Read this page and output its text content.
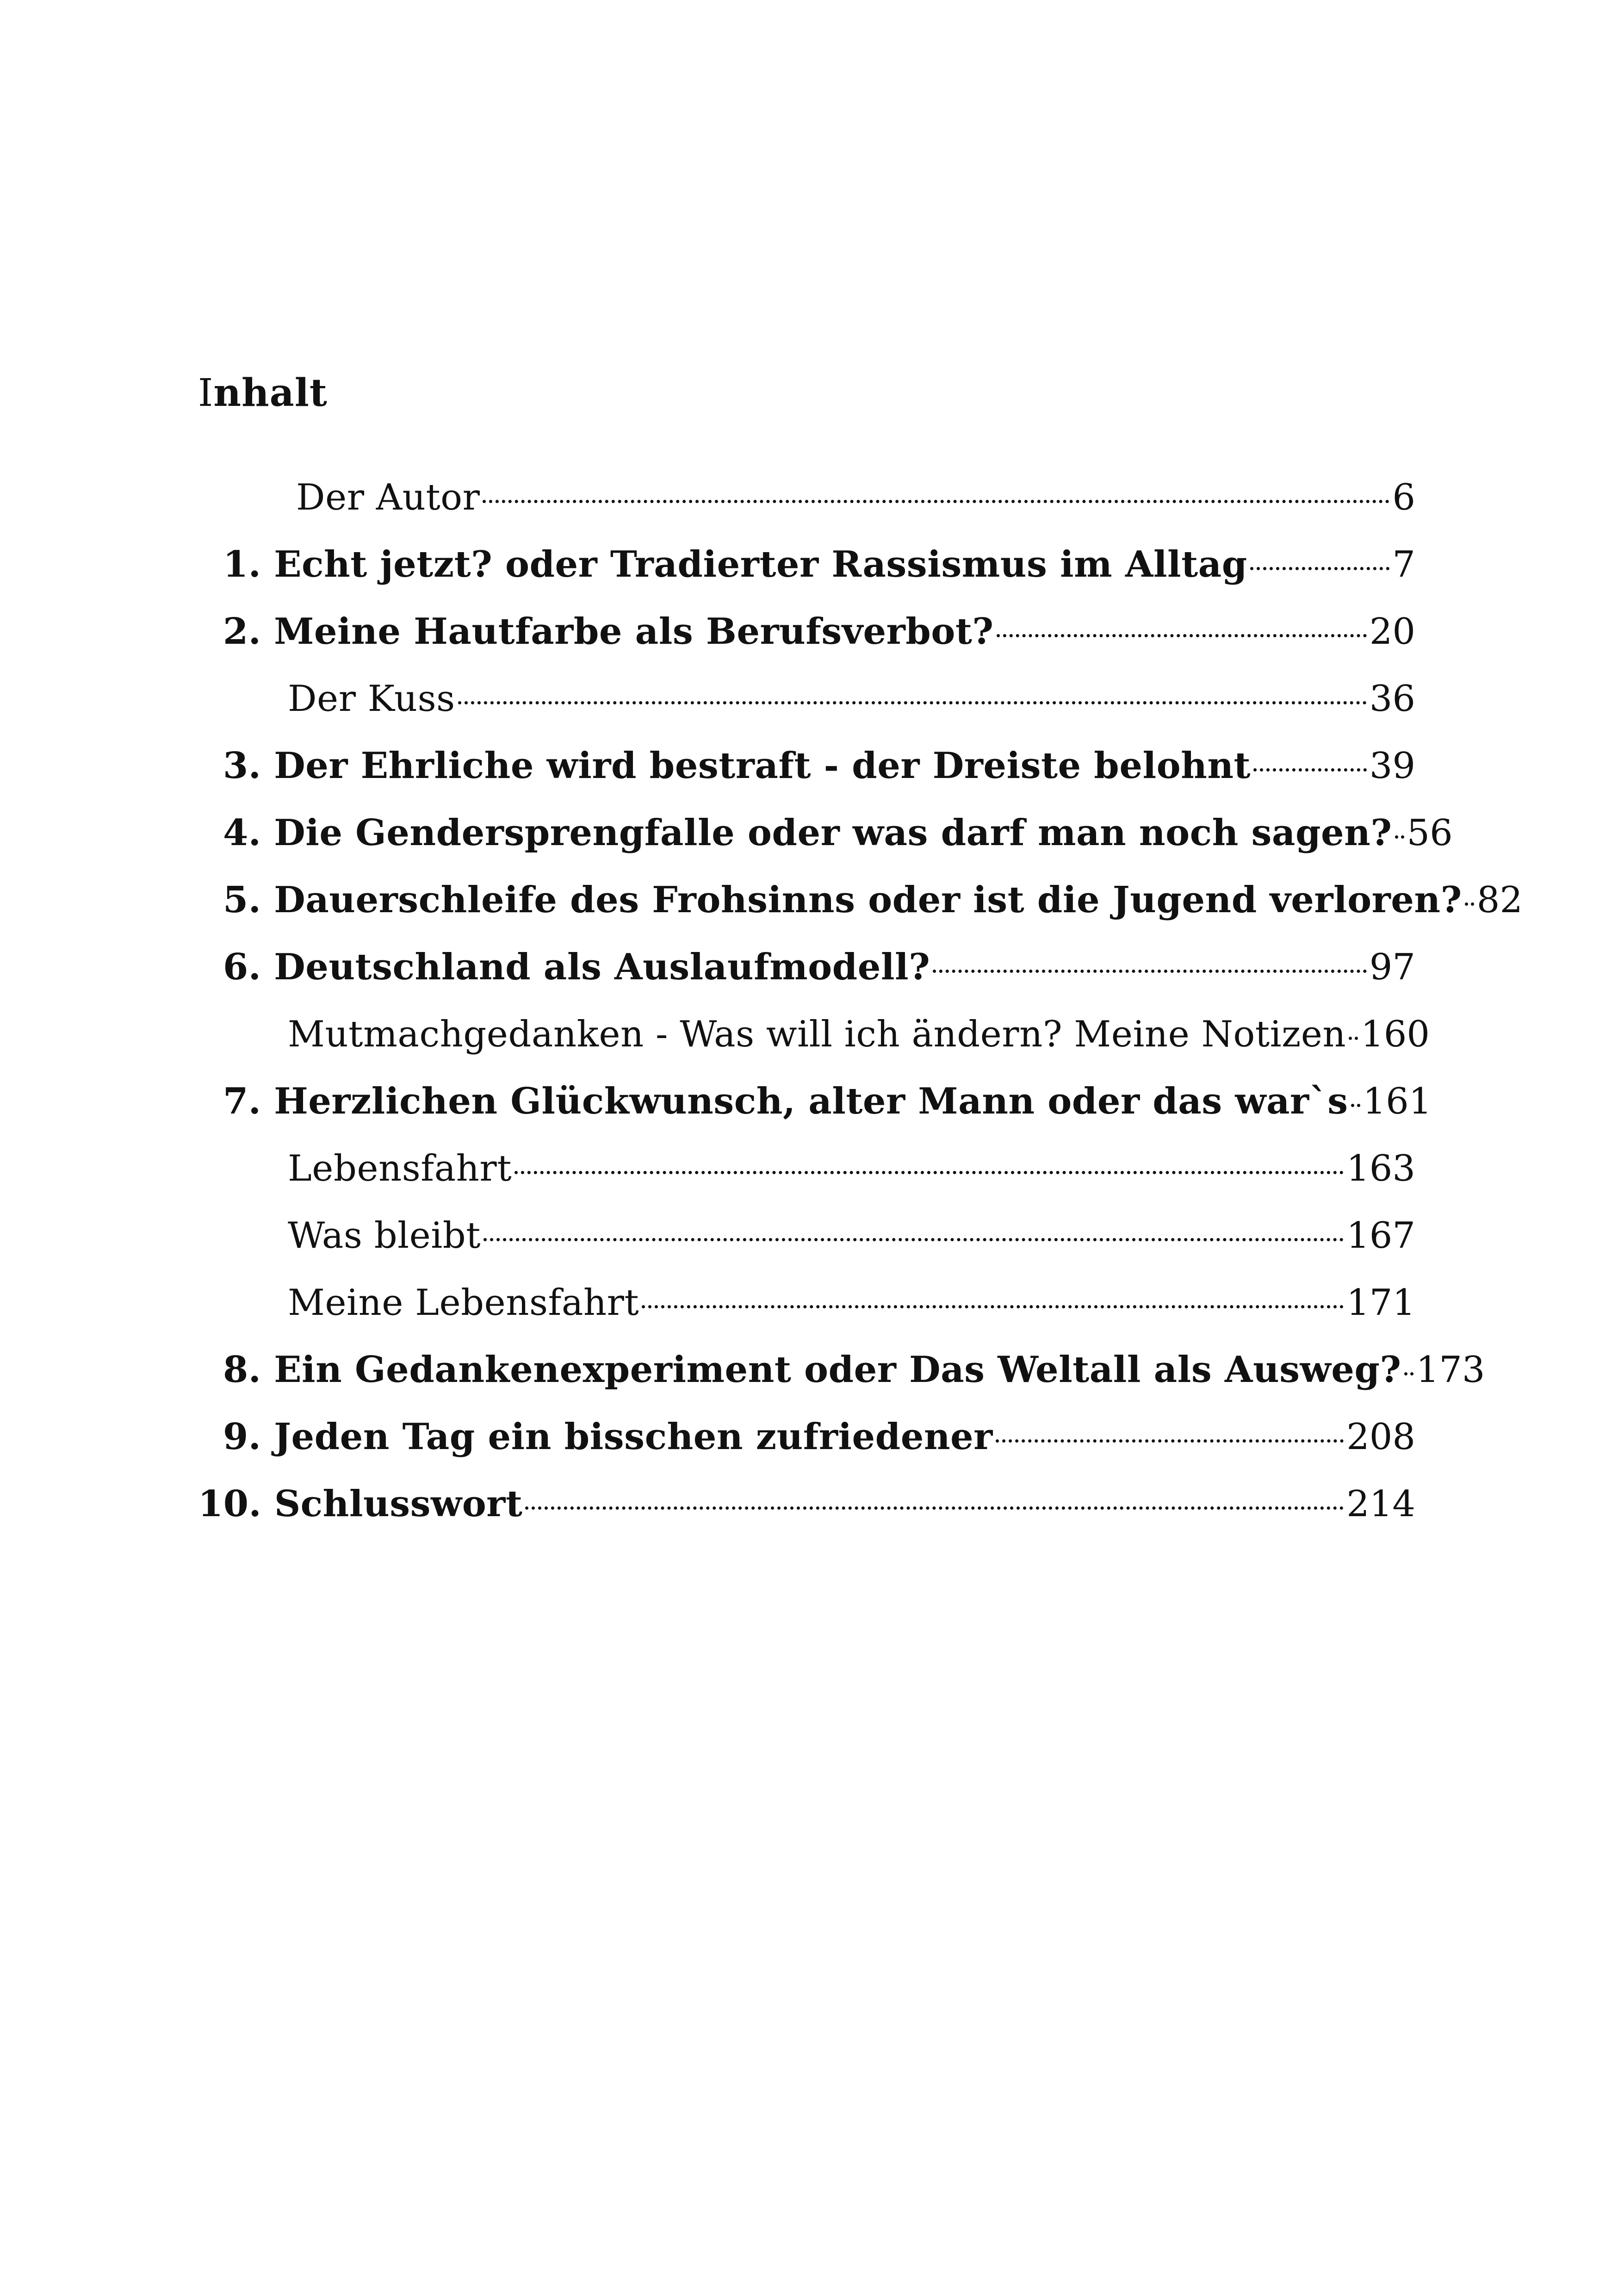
Inhalt
Der Autor	6
1. Echt jetzt? oder Tradierter Rassismus im Alltag	7
2. Meine Hautfarbe als Berufsverbot?	20
Der Kuss	36
3. Der Ehrliche wird bestraft - der Dreiste belohnt	39
4. Die Gendersprengfalle oder was darf man noch sagen? 56
5. Dauerschleife des Frohsinns oder ist die Jugend verloren? 82
6. Deutschland als Auslaufmodell?	97
Mutmachgedanken - Was will ich ändern? Meine Notizen 160
7. Herzlichen Glückwunsch, alter Mann oder das war`s 161
Lebensfahrt	163
Was bleibt	167
Meine Lebensfahrt	171
8. Ein Gedankenexperiment oder Das Weltall als Ausweg? 173
9. Jeden Tag ein bisschen zufriedener	208
10. Schlusswort	214
